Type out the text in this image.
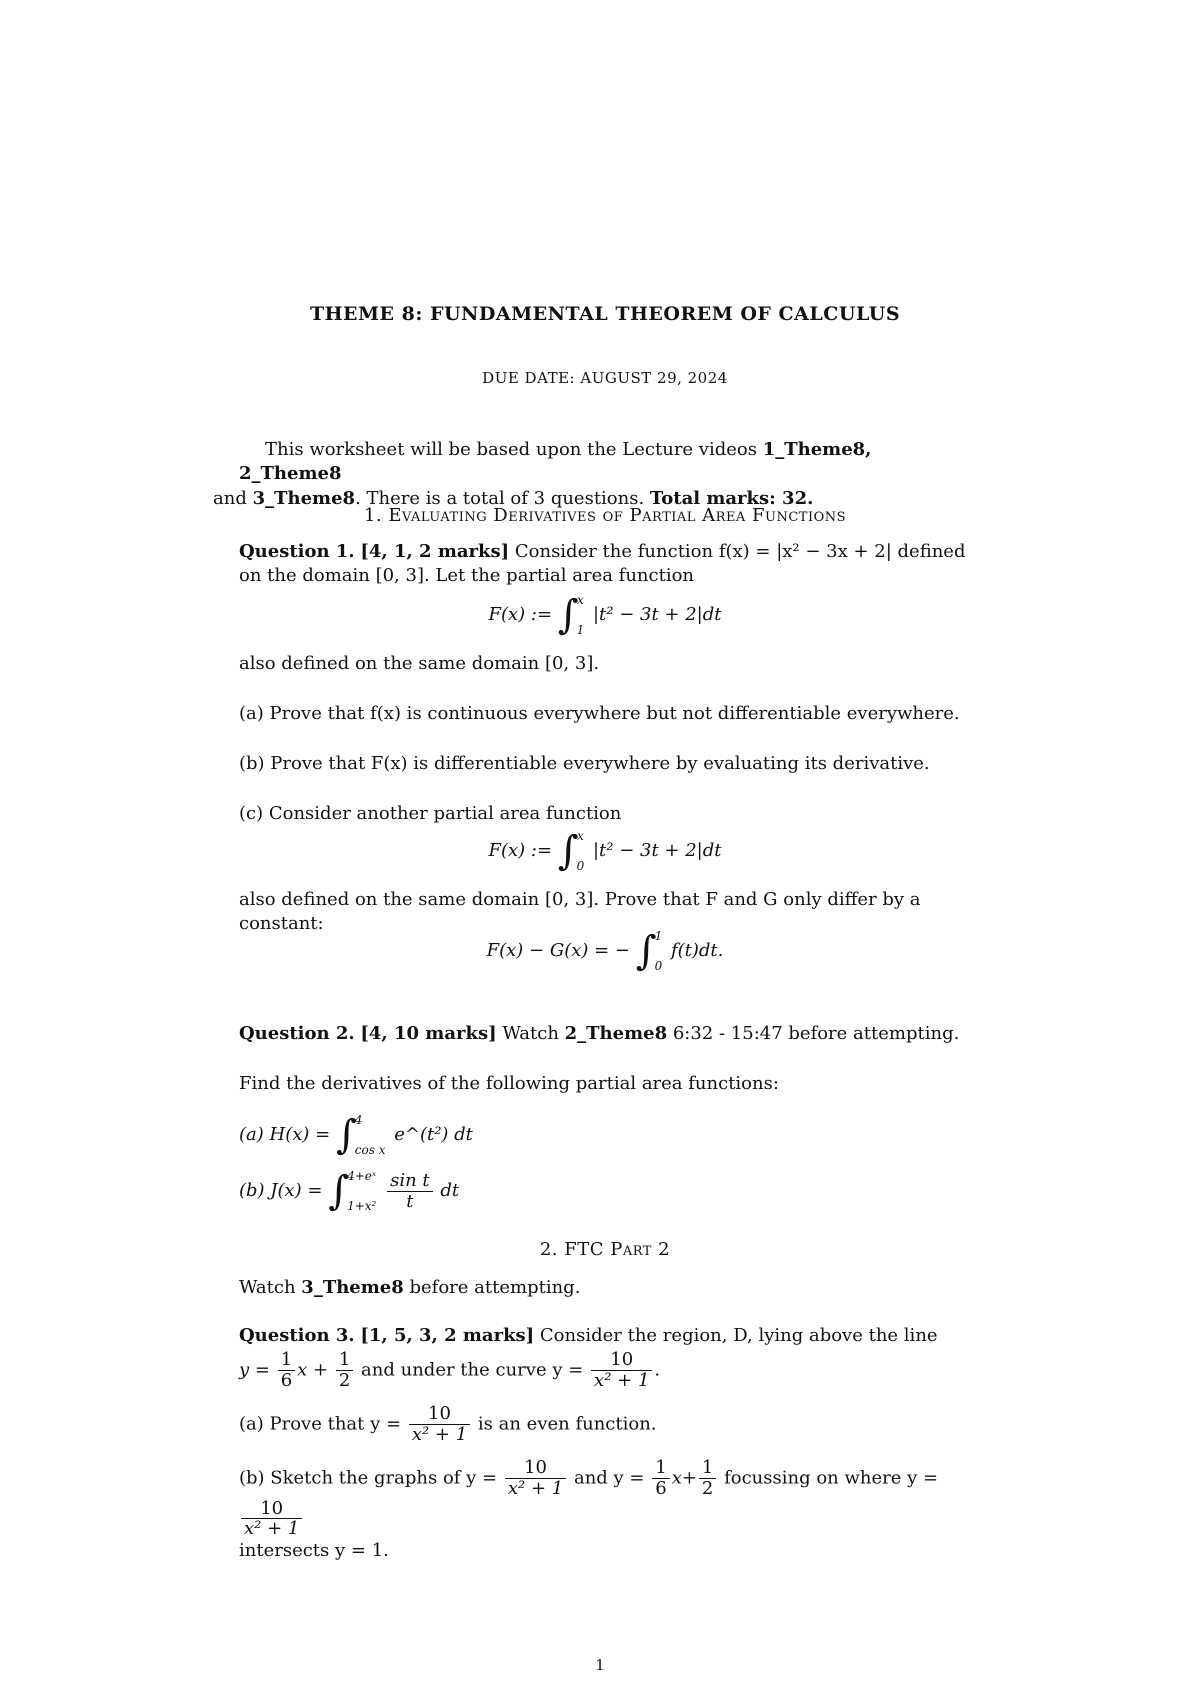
THEME 8: FUNDAMENTAL THEOREM OF CALCULUS
DUE DATE: AUGUST 29, 2024
This worksheet will be based upon the Lecture videos 1_Theme8, 2_Theme8
and 3_Theme8. There is a total of 3 questions. Total marks: 32.
1. Evaluating Derivatives of Partial Area Functions
Question 1. [4, 1, 2 marks] Consider the function f(x) = |x² − 3x + 2| defined
on the domain [0, 3]. Let the partial area function
F(x) := ∫
x
1
|t² − 3t + 2|dt
also defined on the same domain [0, 3].
(a) Prove that f(x) is continuous everywhere but not differentiable everywhere.
(b) Prove that F(x) is differentiable everywhere by evaluating its derivative.
(c) Consider another partial area function
F(x) := ∫
x
0
|t² − 3t + 2|dt
also defined on the same domain [0, 3]. Prove that F and G only differ by a
constant:
F(x) − G(x) = − ∫
1
0
f(t)dt.
Question 2. [4, 10 marks] Watch 2_Theme8 6:32 - 15:47 before attempting.
Find the derivatives of the following partial area functions:
(a) H(x) = ∫
4
cos x
e^(t²) dt
(b) J(x) = ∫
4+eˣ
1+x²
$\frac{\text{sin t}}{t}$ dt
2. FTC Part 2
Watch 3_Theme8 before attempting.
Question 3. [1, 5, 3, 2 marks] Consider the region, D, lying above the line
$y = \frac{1}{6}$ $x + \frac{1}{2}$ and under the curve $y = \frac{10}{\text{x² + 1}}$ .
(a) Prove that $y = \frac{10}{\text{x² + 1}}$ is an even function.
(b) Sketch the graphs of $y = \frac{10}{\text{x² + 1}}$ and $y = \frac{1}{6} x+ \frac{1}{2}$ focussing on where y =
$\frac{10}{\text{x² + 1}}$

intersects y = 1.
1
